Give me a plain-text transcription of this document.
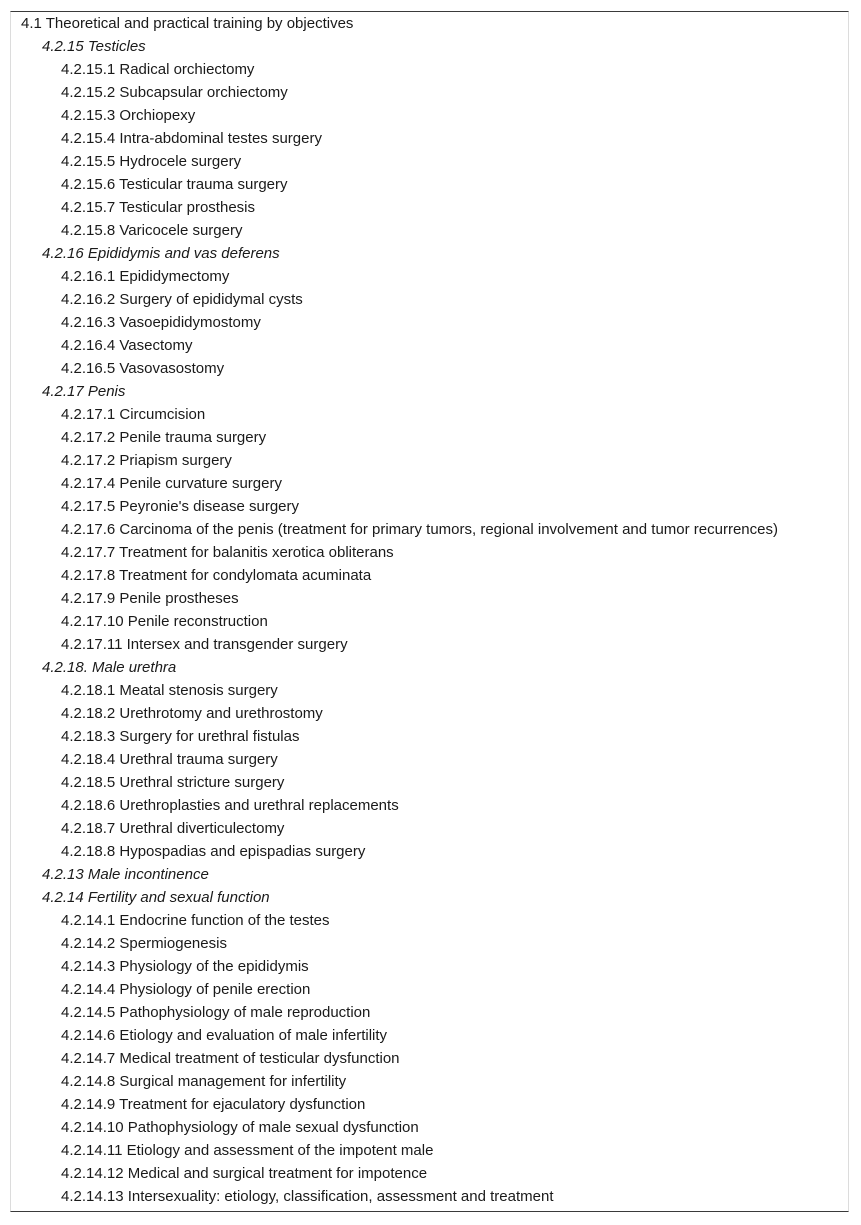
4.1 Theoretical and practical training by objectives
4.2.15 Testicles
4.2.15.1 Radical orchiectomy
4.2.15.2 Subcapsular orchiectomy
4.2.15.3 Orchiopexy
4.2.15.4 Intra-abdominal testes surgery
4.2.15.5 Hydrocele surgery
4.2.15.6 Testicular trauma surgery
4.2.15.7 Testicular prosthesis
4.2.15.8 Varicocele surgery
4.2.16 Epididymis and vas deferens
4.2.16.1 Epididymectomy
4.2.16.2 Surgery of epididymal cysts
4.2.16.3 Vasoepididymostomy
4.2.16.4 Vasectomy
4.2.16.5 Vasovasostomy
4.2.17 Penis
4.2.17.1 Circumcision
4.2.17.2 Penile trauma surgery
4.2.17.2 Priapism surgery
4.2.17.4 Penile curvature surgery
4.2.17.5 Peyronie's disease surgery
4.2.17.6 Carcinoma of the penis (treatment for primary tumors, regional involvement and tumor recurrences)
4.2.17.7 Treatment for balanitis xerotica obliterans
4.2.17.8 Treatment for condylomata acuminata
4.2.17.9 Penile prostheses
4.2.17.10 Penile reconstruction
4.2.17.11 Intersex and transgender surgery
4.2.18. Male urethra
4.2.18.1 Meatal stenosis surgery
4.2.18.2 Urethrotomy and urethrostomy
4.2.18.3 Surgery for urethral fistulas
4.2.18.4 Urethral trauma surgery
4.2.18.5 Urethral stricture surgery
4.2.18.6 Urethroplasties and urethral replacements
4.2.18.7 Urethral diverticulectomy
4.2.18.8 Hypospadias and epispadias surgery
4.2.13 Male incontinence
4.2.14 Fertility and sexual function
4.2.14.1 Endocrine function of the testes
4.2.14.2 Spermiogenesis
4.2.14.3 Physiology of the epididymis
4.2.14.4 Physiology of penile erection
4.2.14.5 Pathophysiology of male reproduction
4.2.14.6 Etiology and evaluation of male infertility
4.2.14.7 Medical treatment of testicular dysfunction
4.2.14.8 Surgical management for infertility
4.2.14.9 Treatment for ejaculatory dysfunction
4.2.14.10 Pathophysiology of male sexual dysfunction
4.2.14.11 Etiology and assessment of the impotent male
4.2.14.12 Medical and surgical treatment for impotence
4.2.14.13 Intersexuality: etiology, classification, assessment and treatment
